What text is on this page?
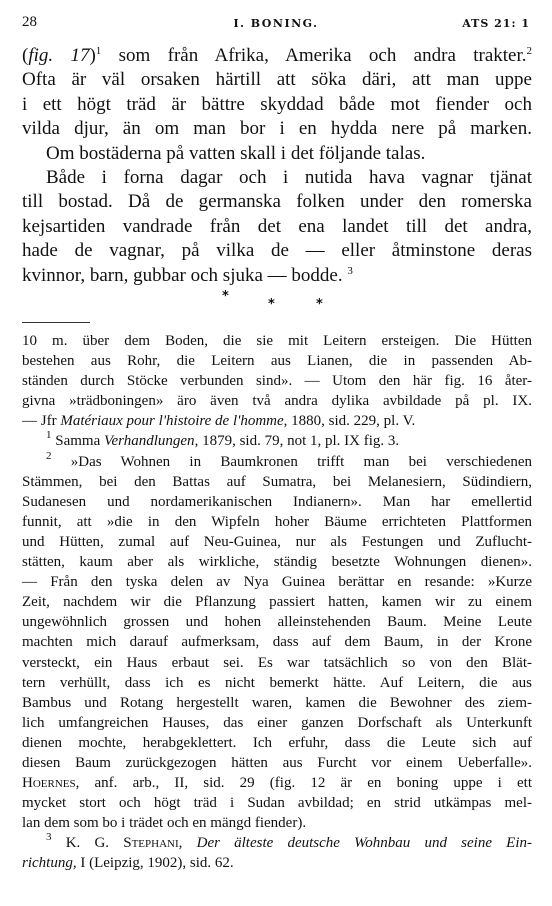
28	I. BONING.	ATS 21: 1
(fig. 17)$^1$ som från Afrika, Amerika och andra trakter.$^2$
Ofta är väl orsaken härtill att söka däri, att man uppe
i ett högt träd är bättre skyddad både mot fiender och
vilda djur, än om man bor i en hydda nere på marken.
Om bostäderna på vatten skall i det följande talas.
Både i forna dagar och i nutida hava vagnar tjänat
till bostad. Då de germanska folken under den romerska
kejsartiden vandrade från det ena landet till det andra,
hade de vagnar, på vilka de — eller åtminstone deras
kvinnor, barn, gubbar och sjuka — bodde. $^3$
*
*	*
10 m. über dem Boden, die sie mit Leitern ersteigen. Die Hütten
bestehen aus Rohr, die Leitern aus Lianen, die in passenden Ab-
ständen durch Stöcke verbunden sind». — Utom den här fig. 16 åter-
givna »trädboningen» äro även två andra dylika avbildade på pl. IX.
— Jfr Matériaux pour l'histoire de l'homme, 1880, sid. 229, pl. V.
$^1$ Samma Verhandlungen, 1879, sid. 79, not 1, pl. IX fig. 3.
$^2$ »Das Wohnen in Baumkronen trifft man bei verschiedenen
Stämmen, bei den Battas auf Sumatra, bei Melanesiern, Südindiern,
Sudanesen und nordamerikanischen Indianern». Man har emellertid
funnit, att »die in den Wipfeln hoher Bäume errichteten Plattformen
und Hütten, zumal auf Neu-Guinea, nur als Festungen und Zuflucht-
stätten, kaum aber als wirkliche, ständig besetzte Wohnungen dienen».
— Från den tyska delen av Nya Guinea berättar en resande: »Kurze
Zeit, nachdem wir die Pflanzung passiert hatten, kamen wir zu einem
ungewöhnlich grossen und hohen alleinstehenden Baum. Meine Leute
machten mich darauf aufmerksam, dass auf dem Baum, in der Krone
versteckt, ein Haus erbaut sei. Es war tatsächlich so von den Blät-
tern verhüllt, dass ich es nicht bemerkt hätte. Auf Leitern, die aus
Bambus und Rotang hergestellt waren, kamen die Bewohner des ziem-
lich umfangreichen Hauses, das einer ganzen Dorfschaft als Unterkunft
dienen mochte, herabgeklettert. Ich erfuhr, dass die Leute sich auf
diesen Baum zurückgezogen hätten aus Furcht vor einem Ueberfalle».
Hoernes, anf. arb., II, sid. 29 (fig. 12 är en boning uppe i ett
mycket stort och högt träd i Sudan avbildad; en strid utkämpas mel-
lan dem som bo i trädet och en mängd fiender).
$^3$ K. G. Stephani, Der älteste deutsche Wohnbau und seine Ein-
richtung, I (Leipzig, 1902), sid. 62.
